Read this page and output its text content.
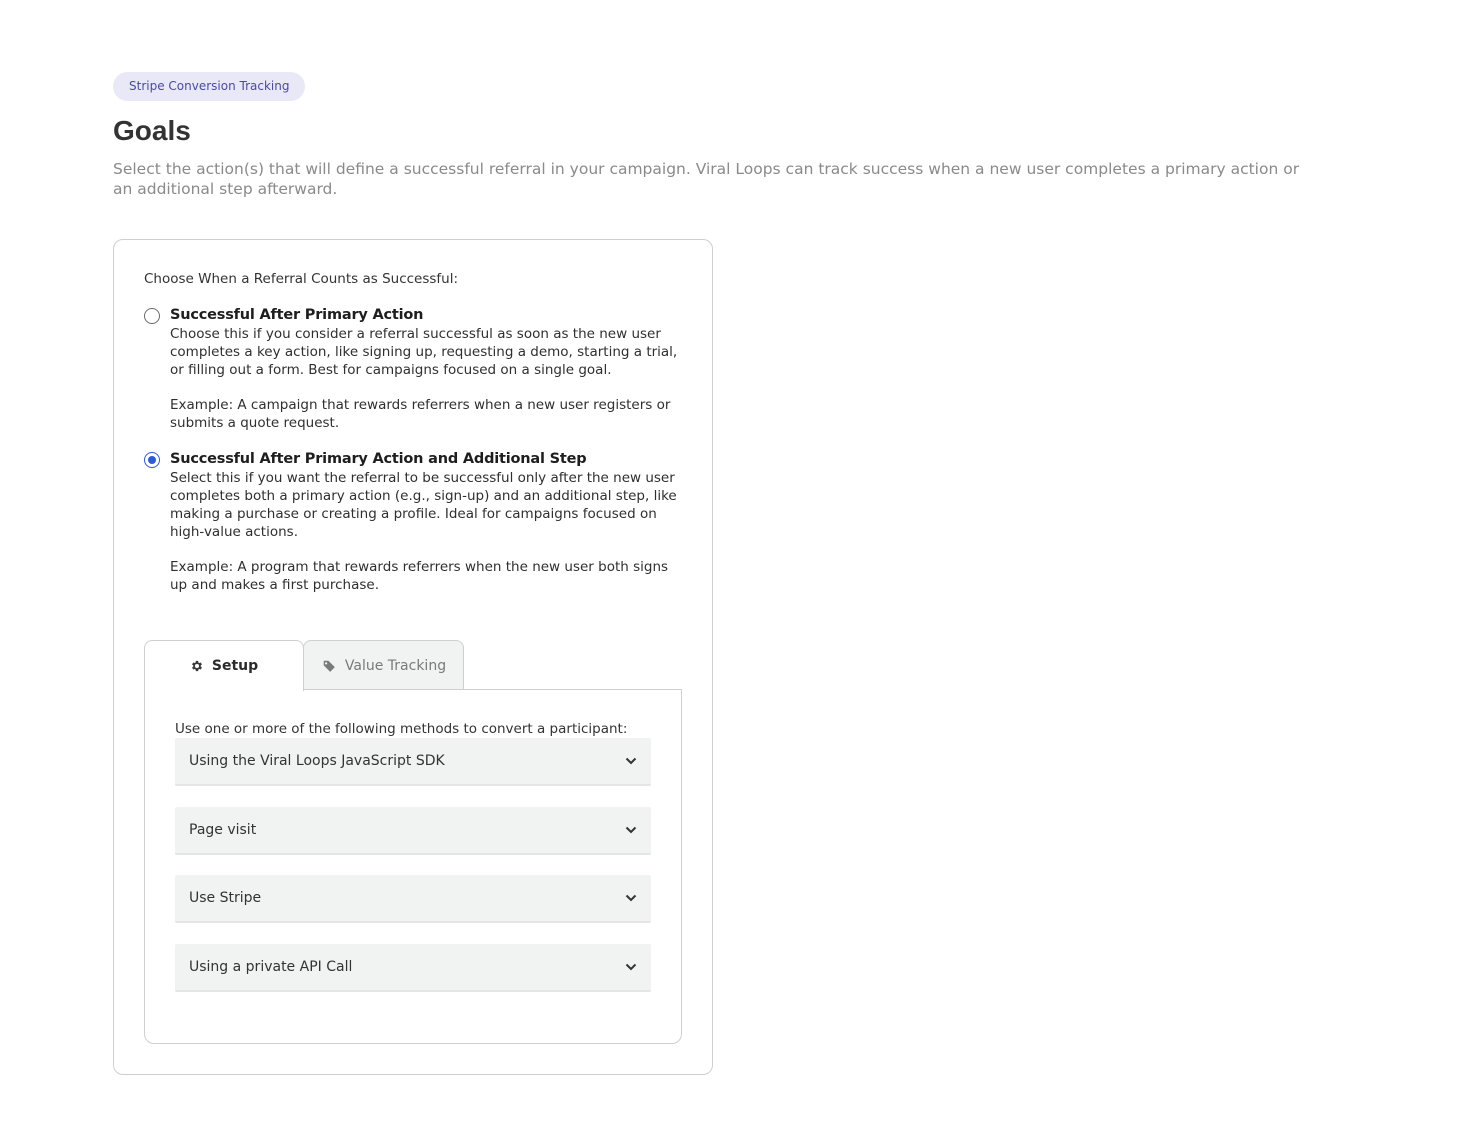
Stripe Conversion Tracking
Goals

Select the action(s) that will define a successful referral in your campaign. Viral Loops can track success when a new user completes a primary action or an additional step afterward.

Choose When a Referral Counts as Successful:
Successful After Primary Action
Choose this if you consider a referral successful as soon as the new user completes a key action, like signing up, requesting a demo, starting a trial, or filling out a form. Best for campaigns focused on a single goal.
Example: A campaign that rewards referrers when a new user registers or submits a quote request.
Successful After Primary Action and Additional Step
Select this if you want the referral to be successful only after the new user completes both a primary action (e.g., sign-up) and an additional step, like making a purchase or creating a profile. Ideal for campaigns focused on high-value actions.
Example: A program that rewards referrers when the new user both signs up and makes a first purchase.
Setup	Value Tracking
Use one or more of the following methods to convert a participant:
Using the Viral Loops JavaScript SDK
Page visit
Use Stripe
Using a private API Call
